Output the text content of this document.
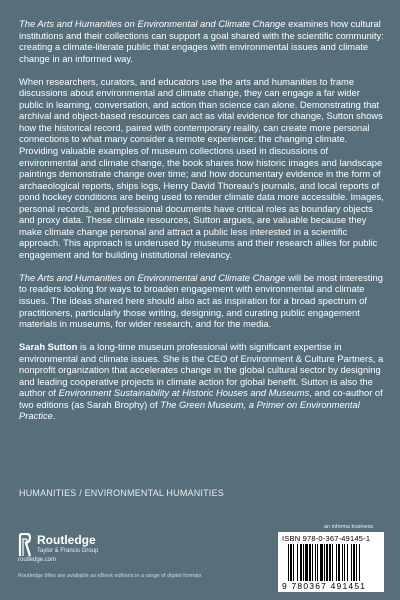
The Arts and Humanities on Environmental and Climate Change examines how cultural institutions and their collections can support a goal shared with the scientific community: creating a climate-literate public that engages with environmental issues and climate change in an informed way.

When researchers, curators, and educators use the arts and humanities to frame discussions about environmental and climate change, they can engage a far wider public in learning, conversation, and action than science can alone. Demonstrating that archival and object-based resources can act as vital evidence for change, Sutton shows how the historical record, paired with contemporary reality, can create more personal connections to what many consider a remote experience: the changing climate. Providing valuable examples of museum collections used in discussions of environmental and climate change, the book shares how historic images and landscape paintings demonstrate change over time; and how documentary evidence in the form of archaeological reports, ships logs, Henry David Thoreau’s journals, and local reports of pond hockey conditions are being used to render climate data more accessible. Images, personal records, and professional documents have critical roles as boundary objects and proxy data. These climate resources, Sutton argues, are valuable because they make climate change personal and attract a public less interested in a scientific approach. This approach is underused by museums and their research allies for public engagement and for building institutional relevancy.

The Arts and Humanities on Environmental and Climate Change will be most interesting to readers looking for ways to broaden engagement with environmental and climate issues. The ideas shared here should also act as inspiration for a broad spectrum of practitioners, particularly those writing, designing, and curating public engagement materials in museums, for wider research, and for the media.

Sarah Sutton is a long-time museum professional with significant expertise in environmental and climate issues. She is the CEO of Environment & Culture Partners, a nonprofit organization that accelerates change in the global cultural sector by designing and leading cooperative projects in climate action for global benefit. Sutton is also the author of Environment Sustainability at Historic Houses and Museums, and co-author of two editions (as Sarah Brophy) of The Green Museum, a Primer on Environmental Practice.

HUMANITIES / ENVIRONMENTAL HUMANITIES
Routledge
Taylor & Francis Group
routledge.com
Routledge titles are available as eBook editions in a range of digital formats
an informa business
ISBN 978-0-367-49145-1
9 780367 491451
